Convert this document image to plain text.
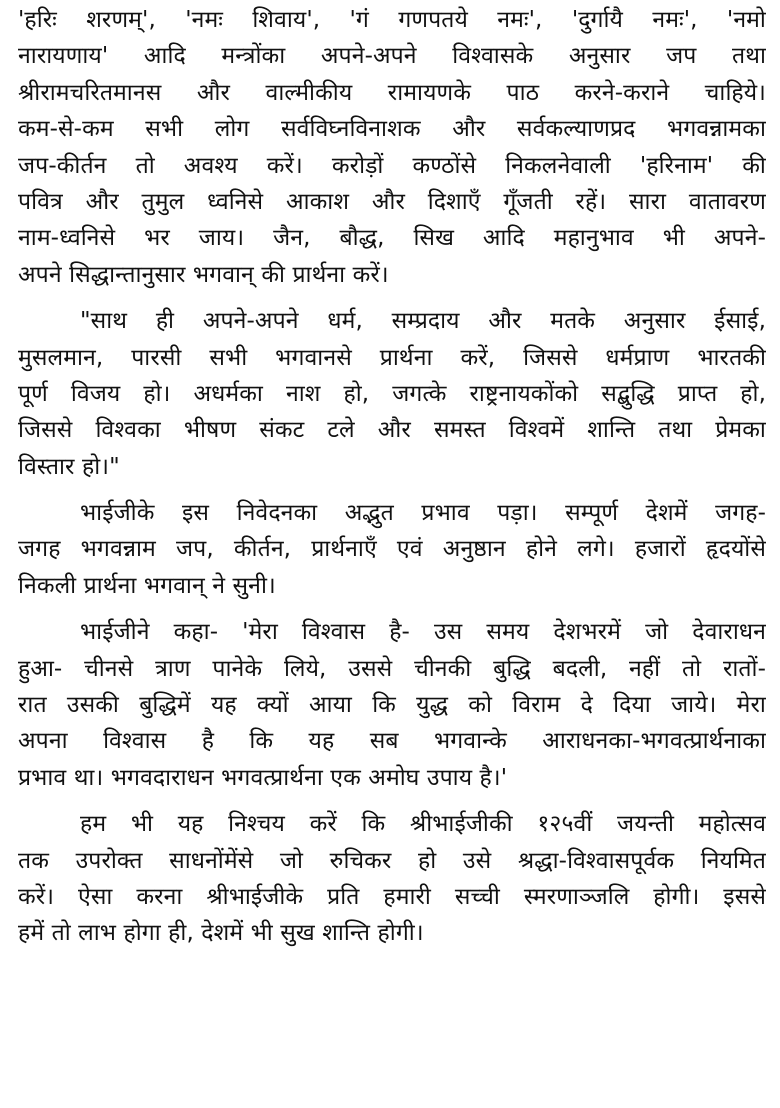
'हरिः शरणम्', 'नमः शिवाय', 'गं गणपतये नमः', 'दुर्गायै नमः', 'नमो
नारायणाय' आदि मन्त्रोंका अपने-अपने विश्वासके अनुसार जप तथा
श्रीरामचरितमानस और वाल्मीकीय रामायणके पाठ करने-कराने चाहिये।
कम-से-कम सभी लोग सर्वविघ्नविनाशक और सर्वकल्याणप्रद भगवन्नामका
जप-कीर्तन तो अवश्य करें। करोड़ों कण्ठोंसे निकलनेवाली 'हरिनाम' की
पवित्र और तुमुल ध्वनिसे आकाश और दिशाएँ गूँजती रहें। सारा वातावरण
नाम-ध्वनिसे भर जाय। जैन, बौद्ध, सिख आदि महानुभाव भी अपने-
अपने सिद्धान्तानुसार भगवान् की प्रार्थना करें।
"साथ ही अपने-अपने धर्म, सम्प्रदाय और मतके अनुसार ईसाई,
मुसलमान, पारसी सभी भगवानसे प्रार्थना करें, जिससे धर्मप्राण भारतकी
पूर्ण विजय हो। अधर्मका नाश हो, जगत्के राष्ट्रनायकोंको सद्बुद्धि प्राप्त हो,
जिससे विश्वका भीषण संकट टले और समस्त विश्वमें शान्ति तथा प्रेमका
विस्तार हो।"
भाईजीके इस निवेदनका अद्भुत प्रभाव पड़ा। सम्पूर्ण देशमें जगह-
जगह भगवन्नाम जप, कीर्तन, प्रार्थनाएँ एवं अनुष्ठान होने लगे। हजारों हृदयोंसे
निकली प्रार्थना भगवान् ने सुनी।
भाईजीने कहा- 'मेरा विश्वास है- उस समय देशभरमें जो देवाराधन
हुआ- चीनसे त्राण पानेके लिये, उससे चीनकी बुद्धि बदली, नहीं तो रातों-
रात उसकी बुद्धिमें यह क्यों आया कि युद्ध को विराम दे दिया जाये। मेरा
अपना विश्वास है कि यह सब भगवान्के आराधनका-भगवत्प्रार्थनाका
प्रभाव था। भगवदाराधन भगवत्प्रार्थना एक अमोघ उपाय है।'
हम भी यह निश्चय करें कि श्रीभाईजीकी १२५वीं जयन्ती महोत्सव
तक उपरोक्त साधनोंमेंसे जो रुचिकर हो उसे श्रद्धा-विश्वासपूर्वक नियमित
करें। ऐसा करना श्रीभाईजीके प्रति हमारी सच्ची स्मरणाञ्जलि होगी। इससे
हमें तो लाभ होगा ही, देशमें भी सुख शान्ति होगी।
